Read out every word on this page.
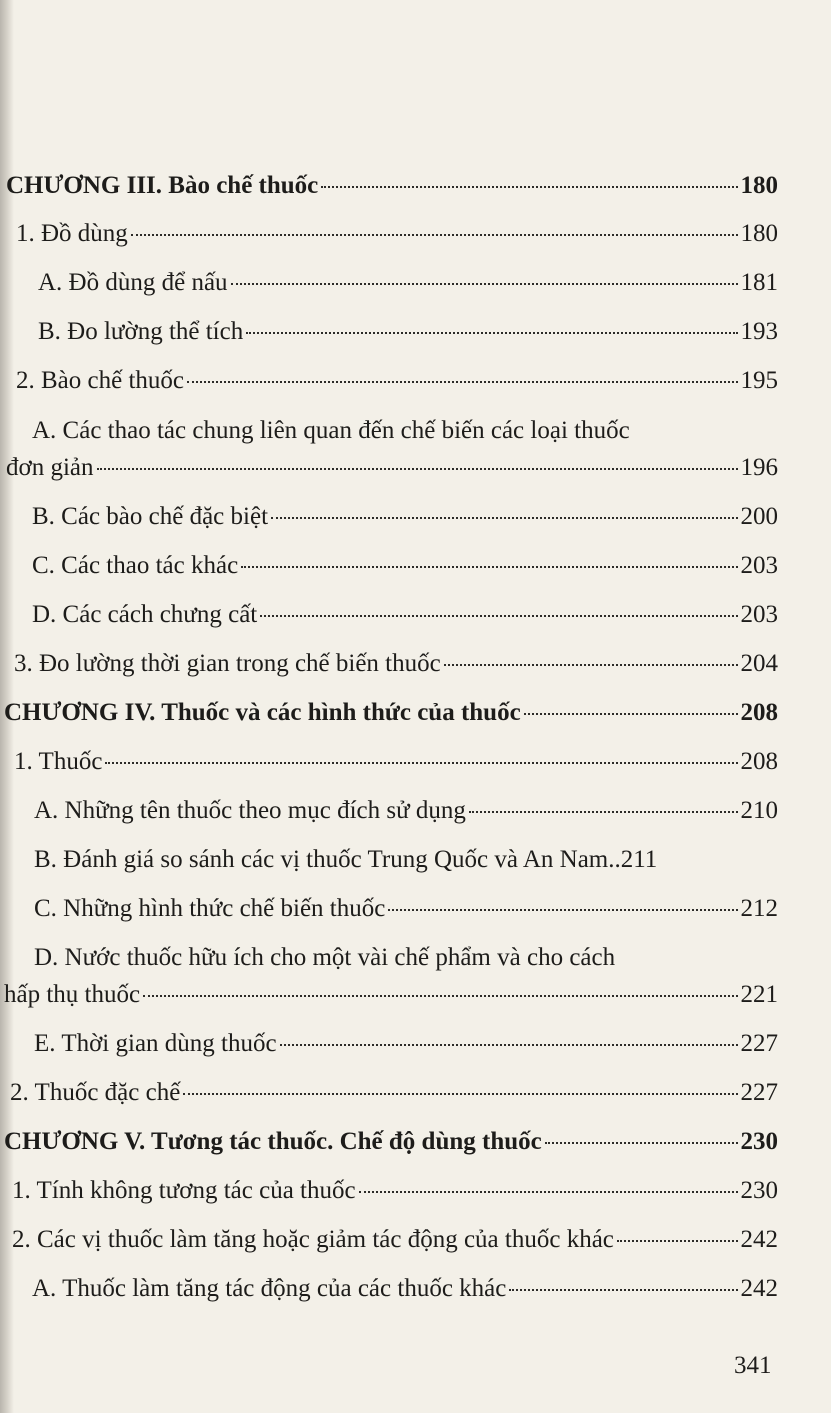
CHƯƠNG III. Bào chế thuốc	180
1. Đồ dùng	180
A. Đồ dùng để nấu	181
B. Đo lường thể tích	193
2. Bào chế thuốc	195
A. Các thao tác chung liên quan đến chế biến các loại thuốc
đơn giản	196
B. Các bào chế đặc biệt	200
C. Các thao tác khác	203
D. Các cách chưng cất	203
3. Đo lường thời gian trong chế biến thuốc	204
CHƯƠNG IV. Thuốc và các hình thức của thuốc	208
1. Thuốc	208
A. Những tên thuốc theo mục đích sử dụng	210
B. Đánh giá so sánh các vị thuốc Trung Quốc và An Nam..211
C. Những hình thức chế biến thuốc	212
D. Nước thuốc hữu ích cho một vài chế phẩm và cho cách
hấp thụ thuốc	221
E. Thời gian dùng thuốc	227
2. Thuốc đặc chế	227
CHƯƠNG V. Tương tác thuốc. Chế độ dùng thuốc	230
1. Tính không tương tác của thuốc	230
2. Các vị thuốc làm tăng hoặc giảm tác động của thuốc khác	242
A. Thuốc làm tăng tác động của các thuốc khác	242
341
